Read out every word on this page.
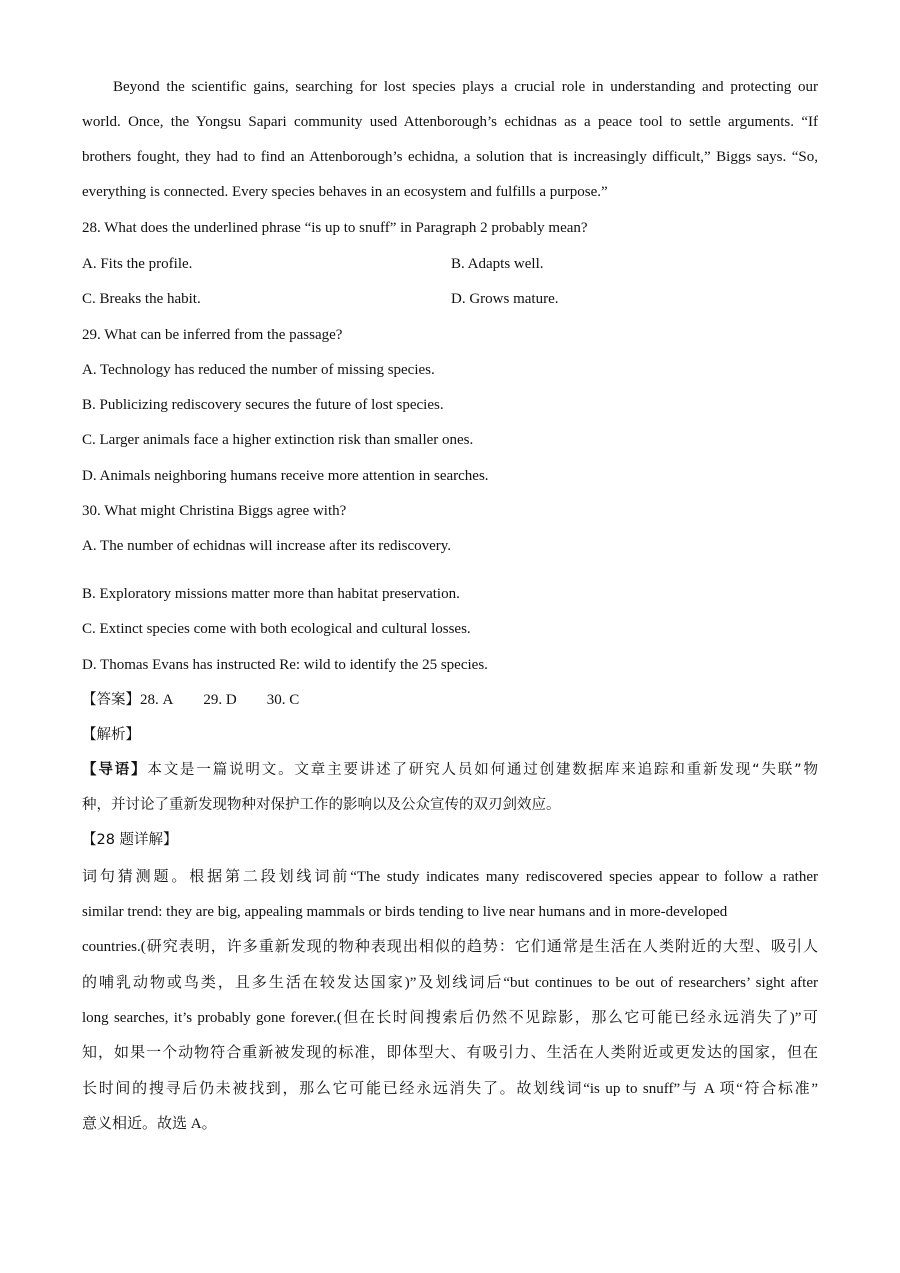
Beyond the scientific gains, searching for lost species plays a crucial role in understanding and protecting our
world. Once, the Yongsu Sapari community used Attenborough’s echidnas as a peace tool to settle arguments. “If
brothers fought, they had to find an Attenborough’s echidna, a solution that is increasingly difficult,” Biggs says. “So,
everything is connected. Every species behaves in an ecosystem and fulfills a purpose.”
28. What does the underlined phrase “is up to snuff” in Paragraph 2 probably mean?
A. Fits the profile.	B. Adapts well.
C. Breaks the habit.	D. Grows mature.
29. What can be inferred from the passage?
A. Technology has reduced the number of missing species.
B. Publicizing rediscovery secures the future of lost species.
C. Larger animals face a higher extinction risk than smaller ones.
D. Animals neighboring humans receive more attention in searches.
30. What might Christina Biggs agree with?
A. The number of echidnas will increase after its rediscovery.
B. Exploratory missions matter more than habitat preservation.
C. Extinct species come with both ecological and cultural losses.
D. Thomas Evans has instructed Re: wild to identify the 25 species.
【答案】28. A 29. D 30. C
【解析】
【导语】本文是一篇说明文。文章主要讲述了研究人员如何通过创建数据库来追踪和重新发现“失联”物
种，并讨论了重新发现物种对保护工作的影响以及公众宣传的双刃剑效应。
【28 题详解】
词句猜测题。根据第二段划线词前“The study indicates many rediscovered species appear to follow a rather
similar trend: they are big, appealing mammals or birds tending to live near humans and in more-developed
countries.(研究表明，许多重新发现的物种表现出相似的趋势：它们通常是生活在人类附近的大型、吸引人
的哺乳动物或鸟类，且多生活在较发达国家)”及划线词后“but continues to be out of researchers’ sight after
long searches, it’s probably gone forever.(但在长时间搜索后仍然不见踪影，那么它可能已经永远消失了)”可
知，如果一个动物符合重新被发现的标准，即体型大、有吸引力、生活在人类附近或更发达的国家，但在
长时间的搜寻后仍未被找到，那么它可能已经永远消失了。故划线词“is up to snuff”与 A 项“符合标准”
意义相近。故选 A。
